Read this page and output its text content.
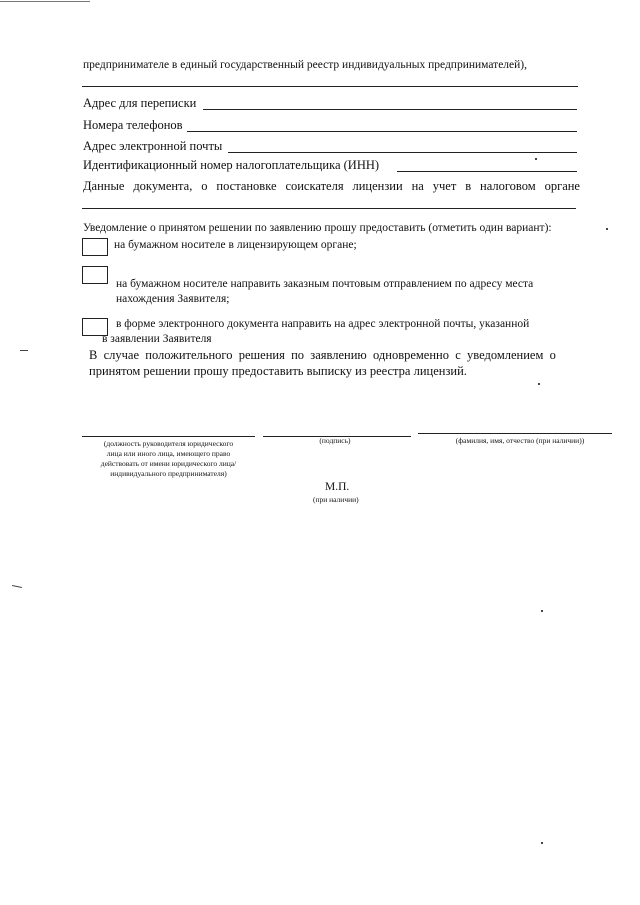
предпринимателе в единый государственный реестр индивидуальных предпринимателей),
Адрес для переписки
Номера телефонов
Адрес электронной почты
Идентификационный номер налогоплательщика (ИНН)
Данные документа, о постановке соискателя лицензии на учет в налоговом органе
Уведомление о принятом решении по заявлению прошу предоставить (отметить один вариант):
на бумажном носителе в лицензирующем органе;
на бумажном носителе направить заказным почтовым отправлением по адресу места
нахождения Заявителя;
в форме электронного документа направить на адрес электронной почты, указанной
в заявлении Заявителя
В  случае  положительного  решения  по  заявлению  одновременно  с  уведомлением  о
принятом решении прошу предоставить выписку из реестра лицензий.
(должность руководителя юридического
лица или иного лица, имеющего право
действовать от имени юридического лица/
индивидуального предпринимателя)
(подпись)	(фамилия, имя, отчество (при наличии))
М.П.
(при наличии)
